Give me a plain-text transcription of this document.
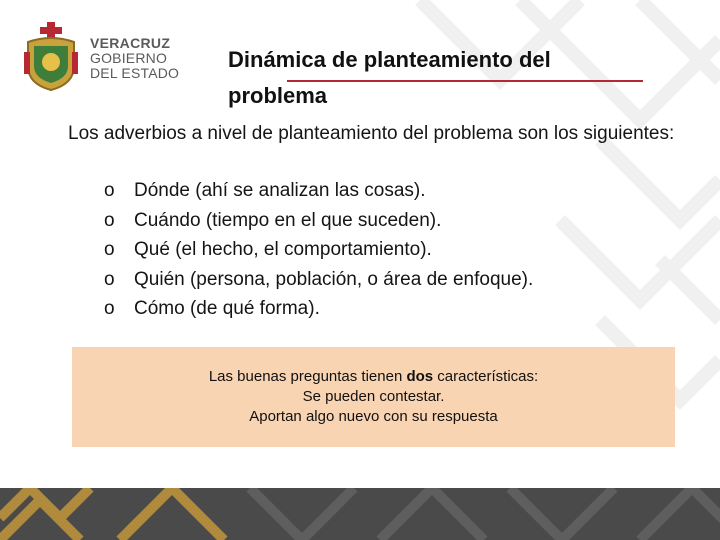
VERACRUZ
GOBIERNO
DEL ESTADO
Dinámica de planteamiento del problema
Los adverbios a nivel de planteamiento del problema son los siguientes:
o Dónde (ahí se analizan las cosas).
o Cuándo (tiempo en el que suceden).
o Qué (el hecho, el comportamiento).
o Quién (persona, población, o área de enfoque).
o Cómo (de qué forma).
Las buenas preguntas tienen dos características:
Se pueden contestar.
Aportan algo nuevo con su respuesta
